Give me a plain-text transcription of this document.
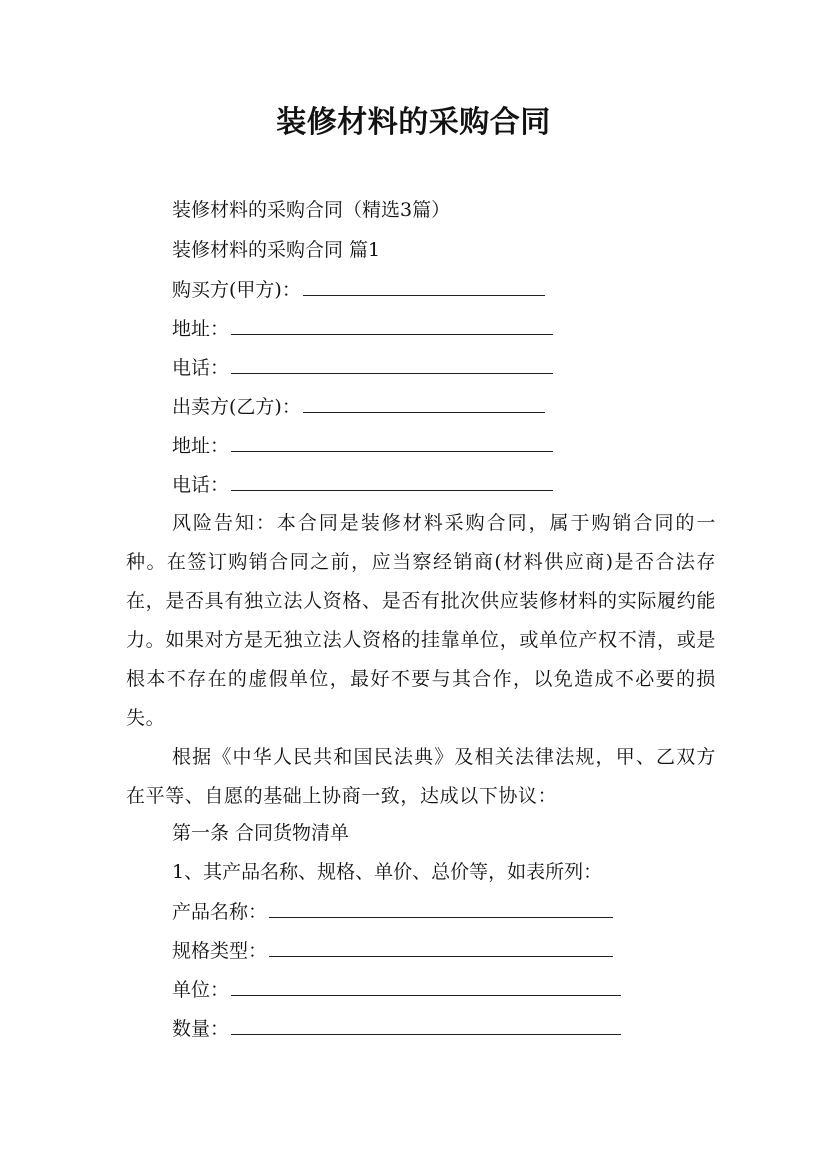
装修材料的采购合同
装修材料的采购合同（精选3篇）
装修材料的采购合同 篇1
购买方(甲方)：
地址：
电话：
出卖方(乙方)：
地址：
电话：
风险告知：本合同是装修材料采购合同，属于购销合同的一种。在签订购销合同之前，应当察经销商(材料供应商)是否合法存在，是否具有独立法人资格、是否有批次供应装修材料的实际履约能力。如果对方是无独立法人资格的挂靠单位，或单位产权不清，或是根本不存在的虚假单位，最好不要与其合作，以免造成不必要的损失。
根据《中华人民共和国民法典》及相关法律法规，甲、乙双方在平等、自愿的基础上协商一致，达成以下协议：
第一条 合同货物清单
1、其产品名称、规格、单价、总价等，如表所列：
产品名称：
规格类型：
单位：
数量：
